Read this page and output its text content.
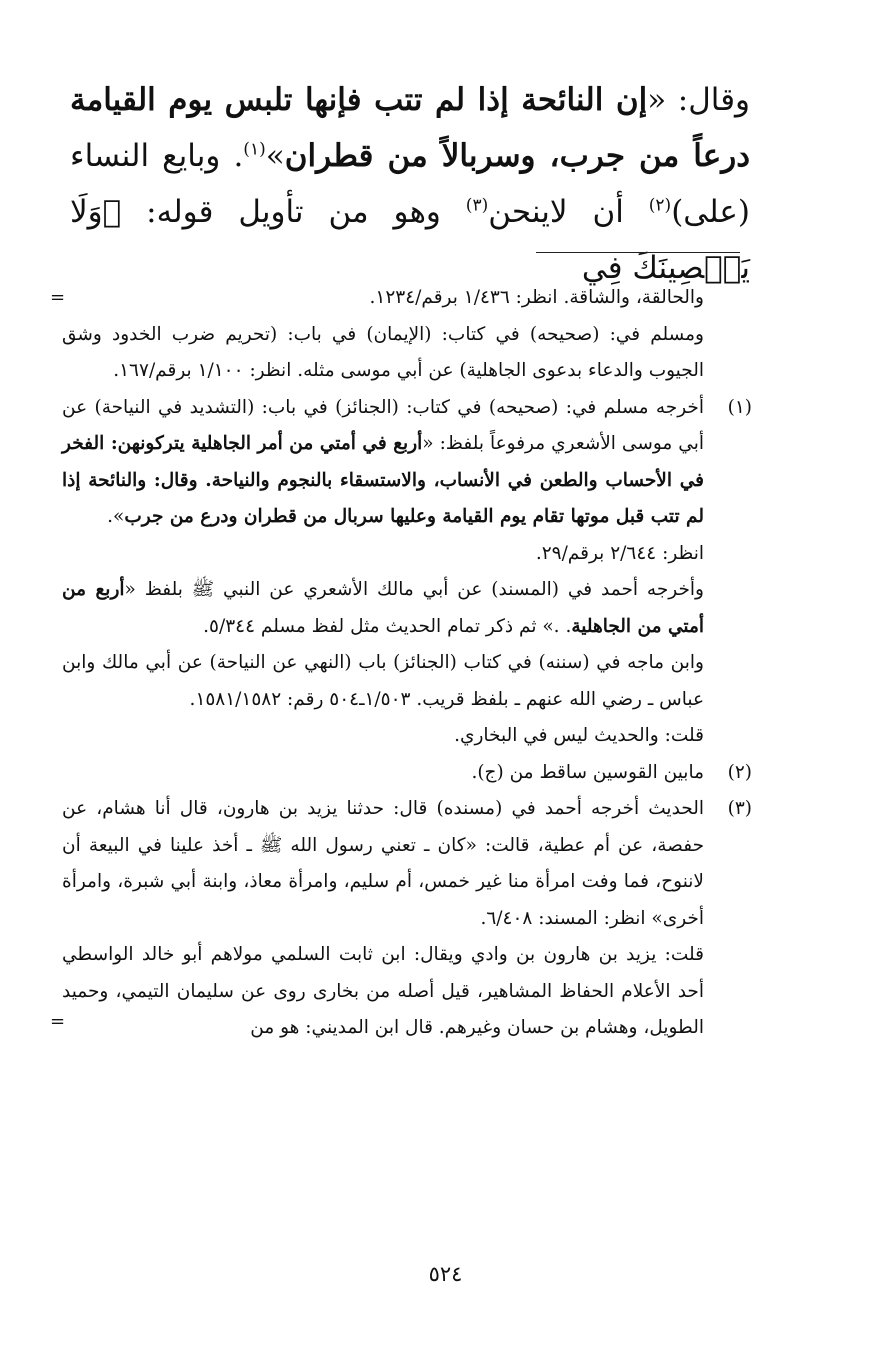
وقال: «إن النائحة إذا لم تتب فإنها تلبس يوم القيامة درعاً من جرب، وسربالاً من قطران»$^{(١)}$. وبايع النساء (على)$^{(٢)}$ أن لاينحن$^{(٣)}$ وهو من تأويل قوله: ﴿وَلَا يَعۡصِينَكَ فِي
=	والحالقة، والشاقة. انظر: ١/٤٣٦ برقم/١٢٣٤.
ومسلم في: (صحيحه) في كتاب: (الإيمان) في باب: (تحريم ضرب الخدود وشق الجيوب والدعاء بدعوى الجاهلية) عن أبي موسى مثله. انظر: ١/١٠٠ برقم/١٦٧.
(١)
أخرجه مسلم في: (صحيحه) في كتاب: (الجنائز) في باب: (التشديد في النياحة) عن أبي موسى الأشعري مرفوعاً بلفظ: «أربع في أمتي من أمر الجاهلية يتركونهن: الفخر في الأحساب والطعن في الأنساب، والاستسقاء بالنجوم والنياحة. وقال: والنائحة إذا لم تتب قبل موتها تقام يوم القيامة وعليها سربال من قطران ودرع من جرب».
انظر: ٢/٦٤٤ برقم/٢٩.
وأخرجه أحمد في (المسند) عن أبي مالك الأشعري عن النبي ﷺ بلفظ «أربع من أمتي من الجاهلية. .» ثم ذكر تمام الحديث مثل لفظ مسلم ٥/٣٤٤.
وابن ماجه في (سننه) في كتاب (الجنائز) باب (النهي عن النياحة) عن أبي مالك وابن عباس ـ رضي الله عنهم ـ بلفظ قريب. ١/٥٠٣ـ٥٠٤ رقم: ١٥٨١/١٥٨٢.
قلت: والحديث ليس في البخاري.
(٢)
مابين القوسين ساقط من (ج).
(٣)
الحديث أخرجه أحمد في (مسنده) قال: حدثنا يزيد بن هارون، قال أنا هشام، عن حفصة، عن أم عطية، قالت: «كان ـ تعني رسول الله ﷺ ـ أخذ علينا في البيعة أن لاننوح، فما وفت امرأة منا غير خمس، أم سليم، وامرأة معاذ، وابنة أبي شبرة، وامرأة أخرى» انظر: المسند: ٦/٤٠٨.
قلت: يزيد بن هارون بن وادي ويقال: ابن ثابت السلمي مولاهم أبو خالد الواسطي أحد الأعلام الحفاظ المشاهير، قيل أصله من بخارى روى عن سليمان التيمي، وحميد الطويل، وهشام بن حسان وغيرهم. قال ابن المديني: هو من
=
٥٢٤
